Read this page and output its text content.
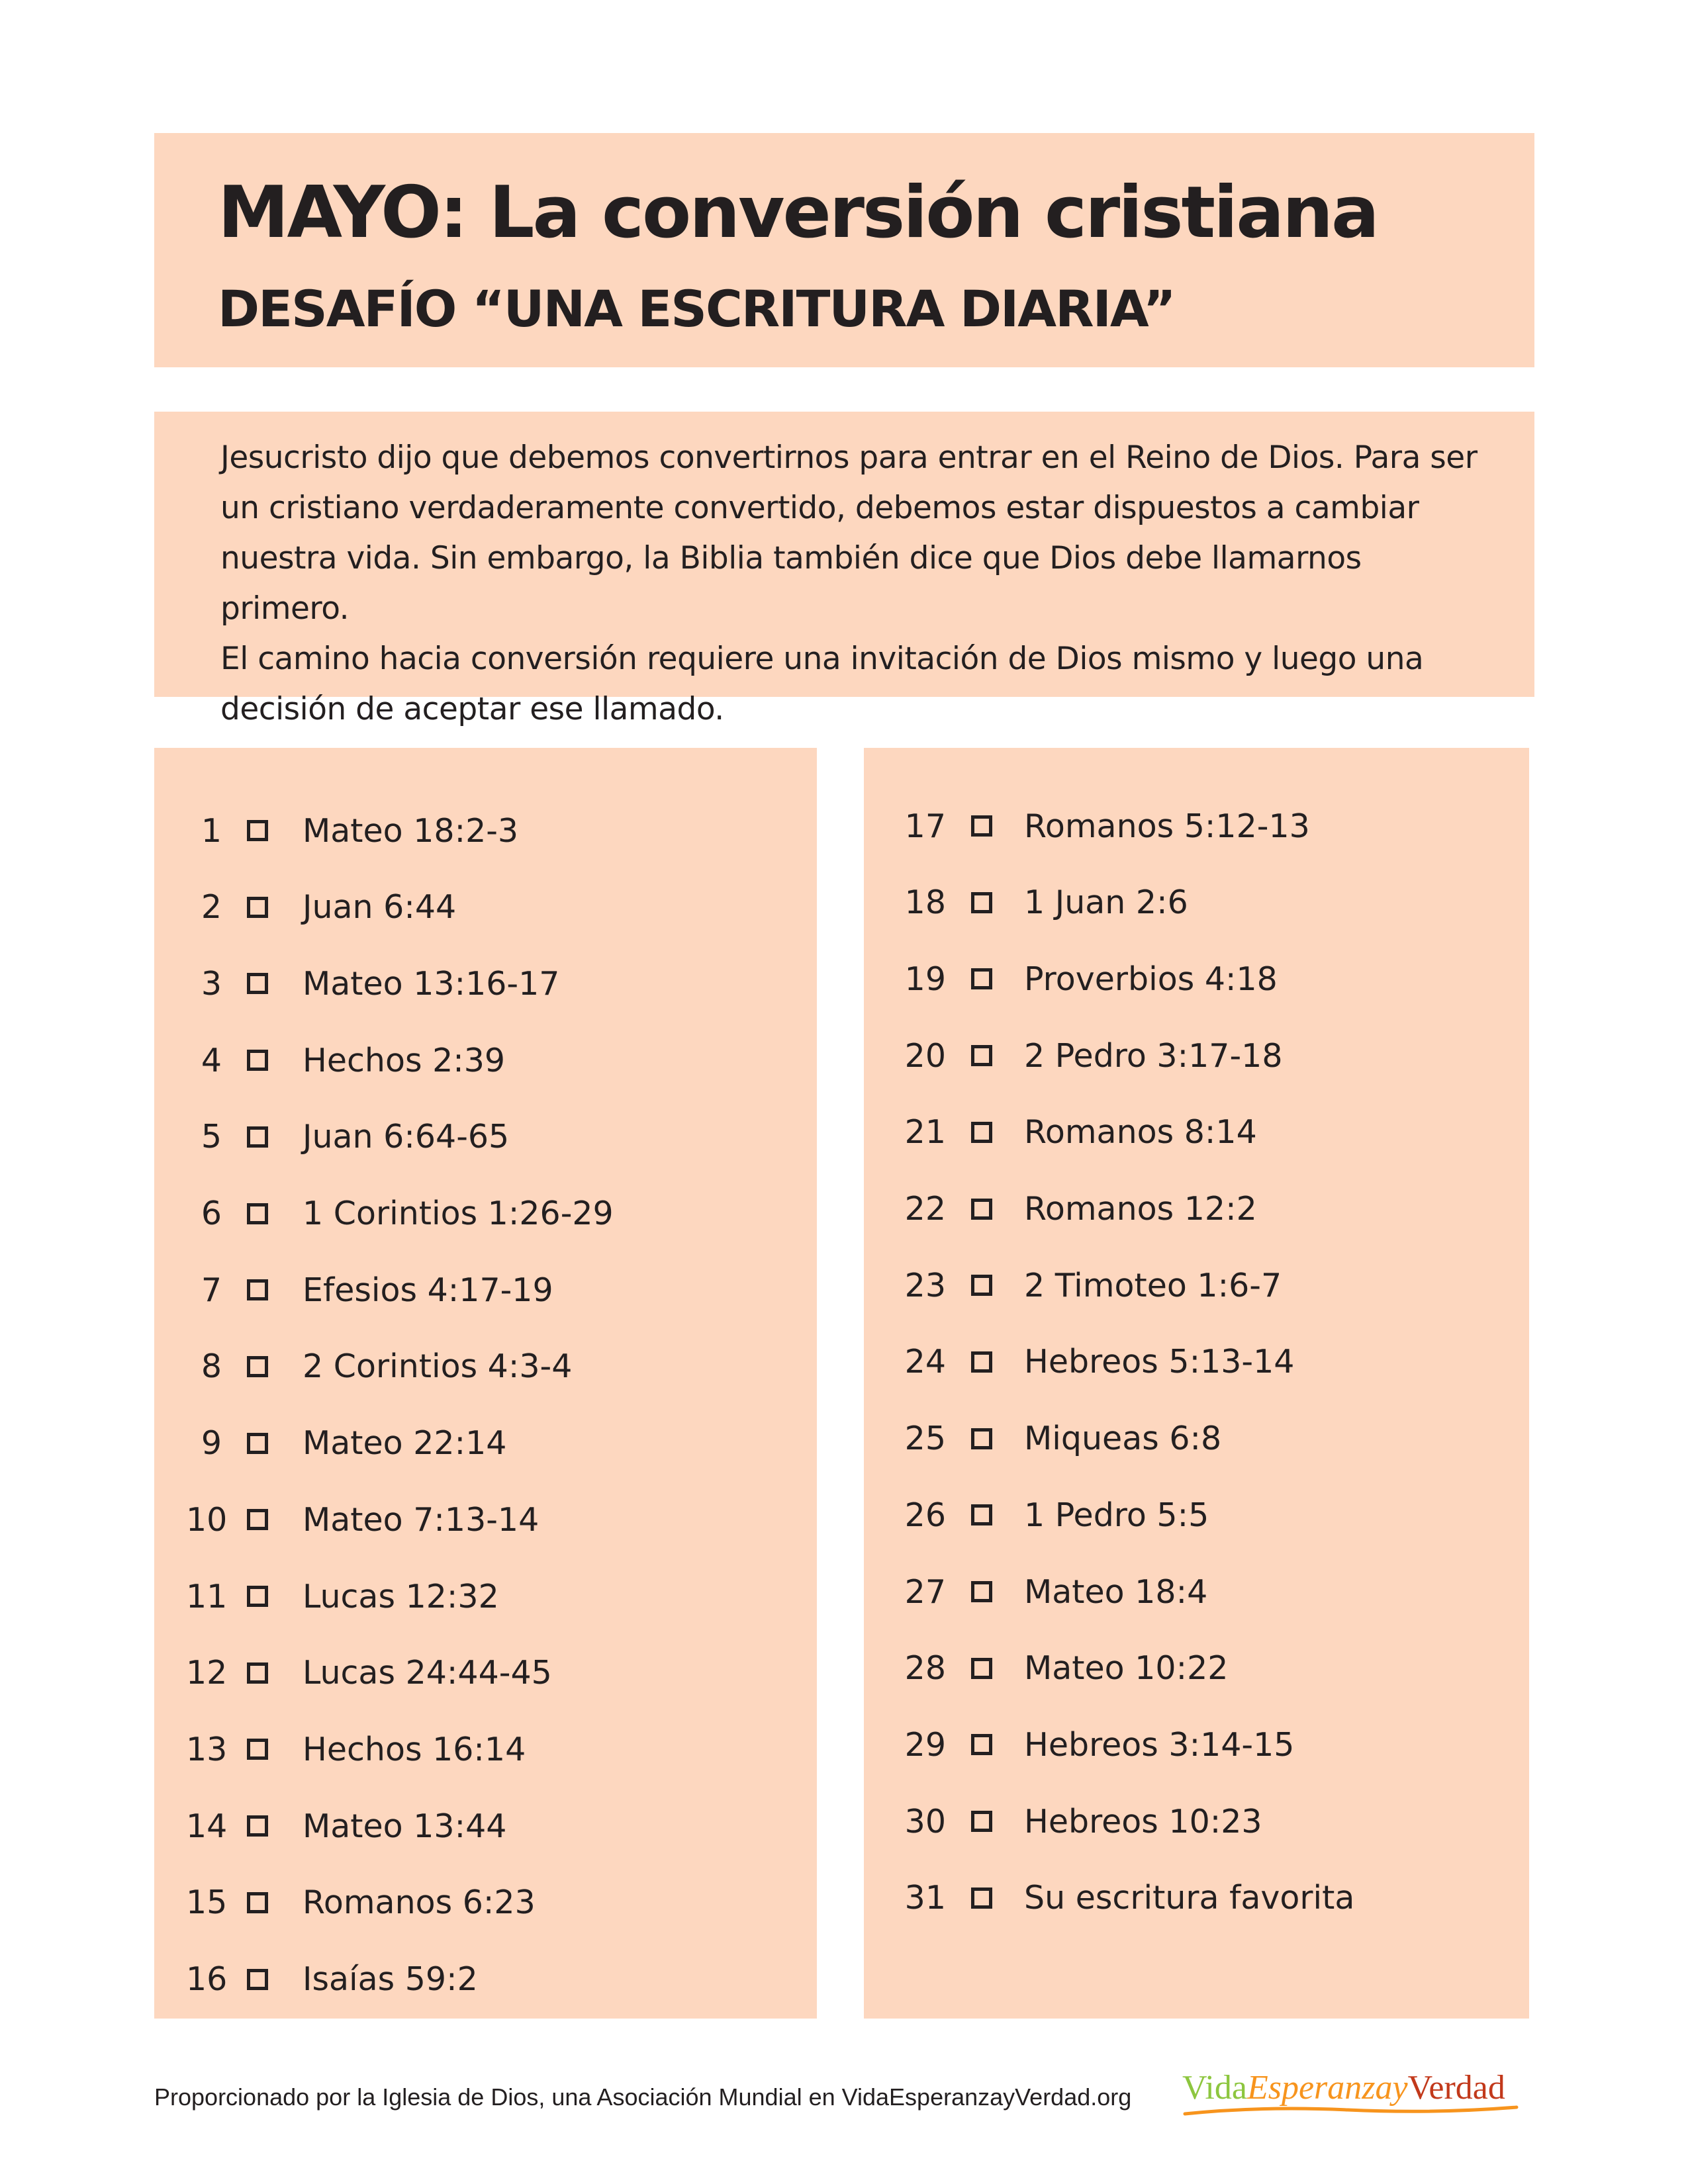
MAYO: La conversión cristiana
DESAFÍO “UNA ESCRITURA DIARIA”

Jesucristo dijo que debemos convertirnos para entrar en el Reino de Dios. Para ser
un cristiano verdaderamente convertido, debemos estar dispuestos a cambiar
nuestra vida. Sin embargo, la Biblia también dice que Dios debe llamarnos primero.
El camino hacia conversión requiere una invitación de Dios mismo y luego una
decisión de aceptar ese llamado.

1 Mateo 18:2-3
2 Juan 6:44
3 Mateo 13:16-17
4 Hechos 2:39
5 Juan 6:64-65
6 1 Corintios 1:26-29
7 Efesios 4:17-19
8 2 Corintios 4:3-4
9 Mateo 22:14
10 Mateo 7:13-14
11 Lucas 12:32
12 Lucas 24:44-45
13 Hechos 16:14
14 Mateo 13:44
15 Romanos 6:23
16 Isaías 59:2
17 Romanos 5:12-13
18 1 Juan 2:6
19 Proverbios 4:18
20 2 Pedro 3:17-18
21 Romanos 8:14
22 Romanos 12:2
23 2 Timoteo 1:6-7
24 Hebreos 5:13-14
25 Miqueas 6:8
26 1 Pedro 5:5
27 Mateo 18:4
28 Mateo 10:22
29 Hebreos 3:14-15
30 Hebreos 10:23
31 Su escritura favorita

Proporcionado por la Iglesia de Dios, una Asociación Mundial en VidaEsperanzayVerdad.org VidaEsperanzayVerdad
